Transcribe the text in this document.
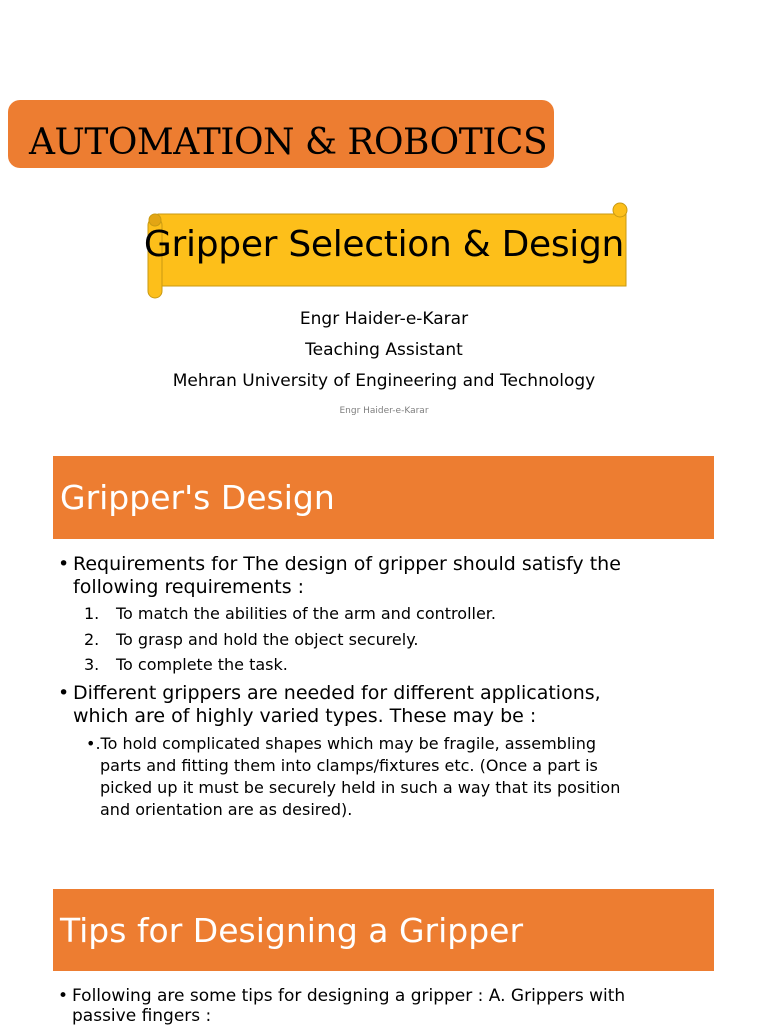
AUTOMATION & ROBOTICS
Gripper Selection & Design
Engr Haider-e-Karar
Teaching Assistant
Mehran University of Engineering and Technology
Engr Haider-e-Karar
Gripper's Design
• Requirements for The design of gripper should satisfy the
following requirements :
1. To match the abilities of the arm and controller.
2. To grasp and hold the object securely.
3. To complete the task.
• Different grippers are needed for different applications,
which are of highly varied types. These may be :
•.To hold complicated shapes which may be fragile, assembling
parts and fitting them into clamps/fixtures etc. (Once a part is
picked up it must be securely held in such a way that its position
and orientation are as desired).
Tips for Designing a Gripper
• Following are some tips for designing a gripper : A. Grippers with
passive fingers :
